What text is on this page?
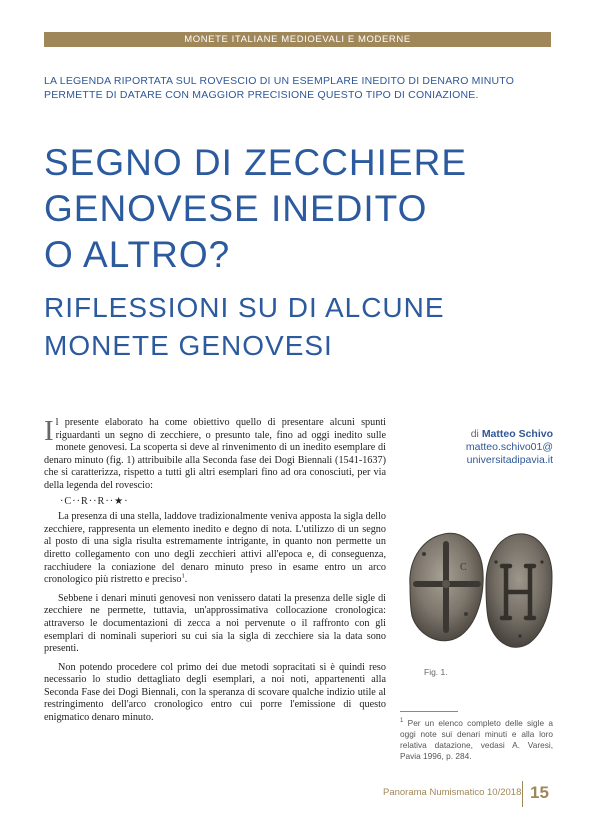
MONETE ITALIANE MEDIOEVALI E MODERNE
LA LEGENDA RIPORTATA SUL ROVESCIO DI UN ESEMPLARE INEDITO DI DENARO MINUTO PERMETTE DI DATARE CON MAGGIOR PRECISIONE QUESTO TIPO DI CONIAZIONE.
SEGNO DI ZECCHIERE
GENOVESE INEDITO
O ALTRO?
RIFLESSIONI SU DI ALCUNE
MONETE GENOVESI

Il presente elaborato ha come obiettivo quello di presentare alcuni spunti riguardanti un segno di zecchiere, o presunto tale, fino ad oggi inedito sulle monete genovesi. La scoperta si deve al rinvenimento di un inedito esemplare di denaro minuto (fig. 1) attribuibile alla Seconda fase dei Dogi Biennali (1541-1637) che si caratterizza, rispetto a tutti gli altri esemplari fino ad ora conosciuti, per via della legenda del rovescio:

·C··R··R··★·

La presenza di una stella, laddove tradizionalmente veniva apposta la sigla dello zecchiere, rappresenta un elemento inedito e degno di nota. L'utilizzo di un segno al posto di una sigla risulta estremamente intrigante, in quanto non permette un diretto collegamento con uno degli zecchieri attivi all'epoca e, di conseguenza, racchiudere la coniazione del denaro minuto preso in esame entro un arco cronologico più ristretto e preciso$^1$.

Sebbene i denari minuti genovesi non venissero datati la presenza delle sigle di zecchiere ne permette, tuttavia, un'approssimativa collocazione cronologica: attraverso le documentazioni di zecca a noi pervenute o il raffronto con gli esemplari di nominali superiori su cui sia la sigla di zecchiere sia la data sono presenti.

Non potendo procedere col primo dei due metodi sopracitati si è quindi reso necessario lo studio dettagliato degli esemplari, a noi noti, appartenenti alla Seconda Fase dei Dogi Biennali, con la speranza di scovare qualche indizio utile al restringimento dell'arco cronologico entro cui porre l'emissione di questo enigmatico denaro minuto.

di Matteo Schivo
matteo.schivo01@
universitadipavia.it
C
Fig. 1.
$^1$ Per un elenco completo delle sigle a oggi note sui denari minuti e alla loro relativa datazione, vedasi A. Varesi, Pavia 1996, p. 284.
Panorama Numismatico 10/2018 15
